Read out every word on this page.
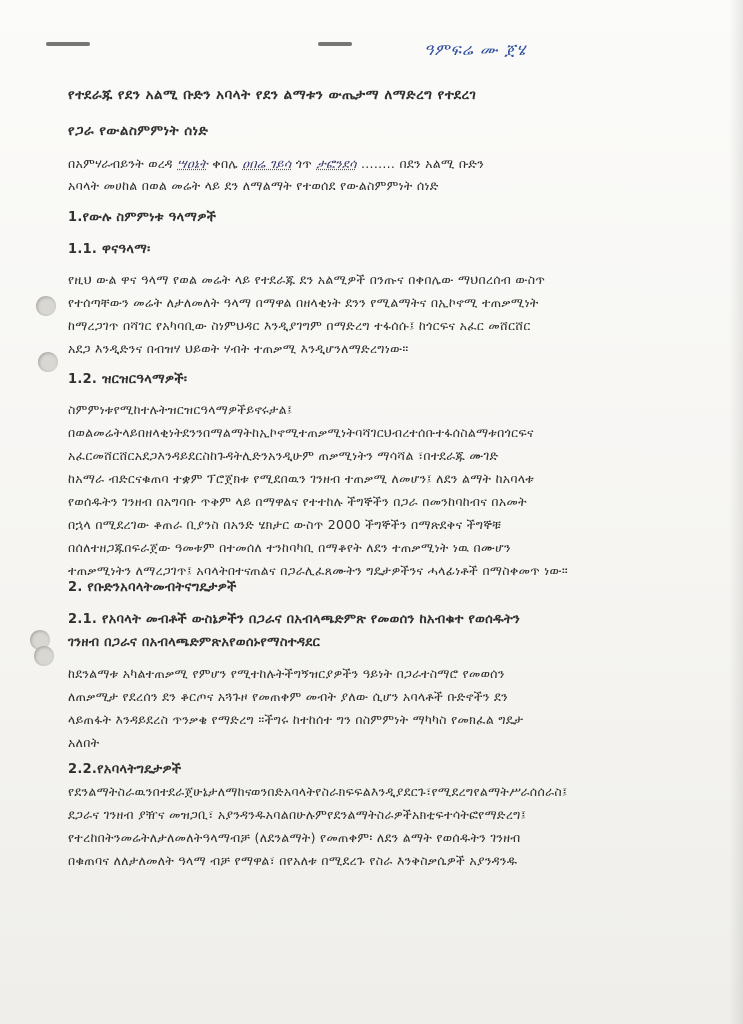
ዓምፍሬ ሙ ጀሄ
የተደራጁ የደን አልሚ ቡድን አባላት የደን ልማቱን ውጤታማ ለማድረግ የተደረገ
የጋራ የውልስምምነት ሰነድ
በአምሃራብይንት ወረዳ ሣዐኔት ቀበሌ ዐበሬ ገይሳ ጎጥ ታፎንደሳ ........ በደን አልሚ ቡድን
አባላት መሀከል በወል መሬት ላይ ደን ለማልማት የተወሰደ የውልስምምነት ሰነድ
1.የውሉ ስምምነቱ ዓላማዎች
1.1. ዋናዓላማ፡
የዚህ ውል ዋና ዓላማ የወል መሬት ላይ የተደራጁ ደን አልሚዎች በንጡና በቀበሌው ማህበረሰብ ውስጥ
የተሰጣቸውን መሬት ለታለመለት ዓላማ በማዋል በዘላቂነት ደንን የሚልማትና በኢኮኖሚ ተጠቃሚነት
ከማረጋገጥ በሻገር የአካባቢው ስነምህዳር እንዲያገግም በማድረግ ተፋሰሱ፤ ከጎርፍና አፈር መሸርሸር
አደጋ እንዲድንና በብዝሃ ህይወት ሃብት ተጠቃሚ እንዲሆንለማድረግነው።
1.2. ዝርዝርዓላማዎች፡
ስምምነቱየሚከተሉትዝርዝርዓላማዎችይኖሩታል፤
በወልመሬትላይበዘላቂነትደንንበማልማትከኢኮኖሚተጠቃሚነትባሻገርህብረተሰቡተፋሰስልማቱበጎርፍና
አፈርመሸርሸርአደጋእንዳይደርስከጉዳትሊድንአንዲሁም ጠቃሚነትን ማሳሻል ፣በተደራጁ ሙገድ
ከአማራ ብድርናቁጠባ ተቋም ፕሮጀክቱ የሚደበዉን ገንዘብ ተጠቃሚ ለመሆን፤ ለደን ልማት ከአባላቱ
የወሰዱትን ገንዘብ በአግባቡ ጥቅም ላይ በማዋልና የተተከሉ ችግኞችን በጋራ በመንከባከብና በአመት
በኋላ በሚደረገው ቆጠራ ቢያንስ በአንድ ሄክታር ውስጥ 2000 ችግኞችን በማጽደቅና ችግኞቹ
በሰለተዘጋጁበፍራጀው ዓመቱም በተመሰለ ተንከባካቢ በማቆየት ለደን ተጠቃሚነት ነዉ በሙሆን
ተጠቃሚነትን ለማረጋገጥ፤ አባላትበተናጠልና በጋራሊፈጸሙትን ግዴታዎችንና ሓላፊነቶች በማስቀመጥ ነው።
2. የቡድንአባላትመብትናግዴታዎች
2.1. የአባላት መብቶች ውስኔዎችን በጋራና በአብላጫድምጽ የመወሰን ከአብቁተ የወሰዱትን
ገንዘብ በጋራና በአብላጫድምጽአየወሰኑየማስተዳደር
ከደንልማቱ አካልተጠቃሚ የምሆን የሚተከሉትችግኝዝርያዎችን ዓይነት በጋራተስማሮ የመወሰን
ለጠቃሚታ የደረሰን ደን ቆርጦና አጓጉዞ የመጠቀም መብት ያለው ሲሆን አባላቶች ቡድኖችን ደን
ላይጠፋት እንዳይደረስ ጥንቃቄ የማድረግ ።ችግሩ ከተከሰተ ግን በስምምነት ማካካስ የመክፈል ግዴታ
አለበት
2.2.የአባላትግዴታዎች
የደንልማትስራዉንበተደራጀሁኔታለማከናወንበድአባላትየስራክፍፍልእንዲያደርጉ፣የሚደረግየልማትሥራሰሰራስ፤
ደጋራና ገንዘብ ያዥና መዝጋቢ፣ አያንዳንዱአባልበሁሉምየደንልማትስራዎችአክቲፍተሳትፎየማድረግ፤
የተረከበትንመሬትለታለመለትዓላማብቻ (ለደንልማት) የመጠቀም፡ ለደን ልማት የወሰዱትን ገንዘብ
በቁጠባና ለለታለመለት ዓላማ ብቻ የማዋል፣ በየአለቱ በሚደረጉ የስራ እንቅስቃሴዎች አያንዳንዱ
